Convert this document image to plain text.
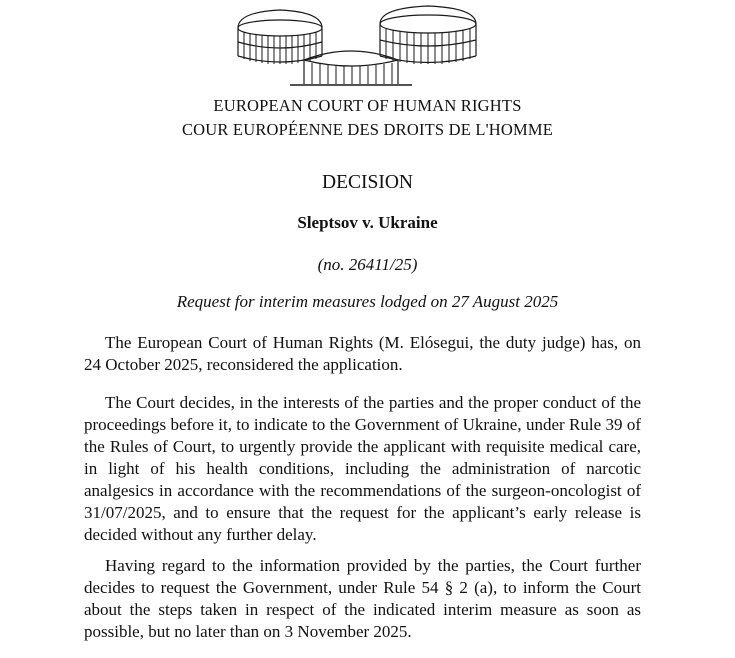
EUROPEAN COURT OF HUMAN RIGHTS
COUR EUROPÉENNE DES DROITS DE L'HOMME
DECISION
Sleptsov v. Ukraine
(no. 26411/25)
Request for interim measures lodged on 27 August 2025

The European Court of Human Rights (M. Elósegui, the duty judge) has, on 24 October 2025, reconsidered the application.

The Court decides, in the interests of the parties and the proper conduct of the proceedings before it, to indicate to the Government of Ukraine, under Rule 39 of the Rules of Court, to urgently provide the applicant with requisite medical care, in light of his health conditions, including the administration of narcotic analgesics in accordance with the recommendations of the surgeon-oncologist of 31/07/2025, and to ensure that the request for the applicant’s early release is decided without any further delay.

Having regard to the information provided by the parties, the Court further decides to request the Government, under Rule 54 § 2 (a), to inform the Court about the steps taken in respect of the indicated interim measure as soon as possible, but no later than on 3 November 2025.
